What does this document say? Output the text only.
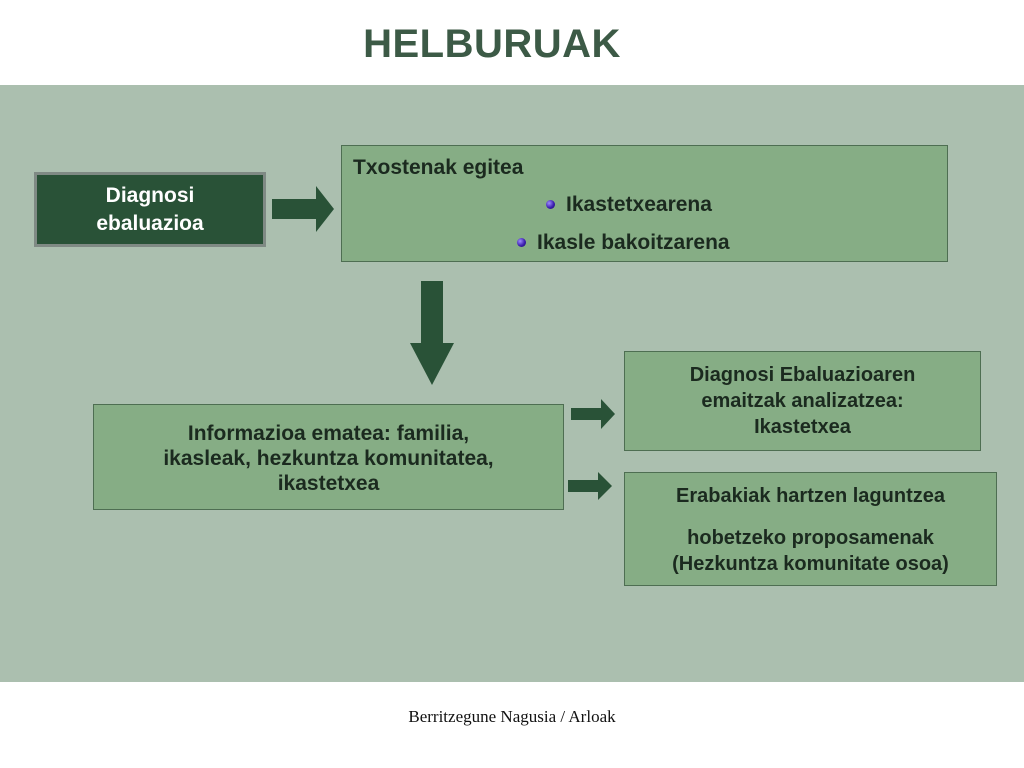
HELBURUAK
Diagnosi
ebaluazioa
Txostenak egitea
Ikastetxearena
Ikasle bakoitzarena
Informazioa ematea: familia,
ikasleak, hezkuntza komunitatea,
ikastetxea
Diagnosi Ebaluazioaren
emaitzak analizatzea:
Ikastetxea
Erabakiak hartzen laguntzea
hobetzeko proposamenak
(Hezkuntza komunitate osoa)
Berritzegune Nagusia / Arloak
